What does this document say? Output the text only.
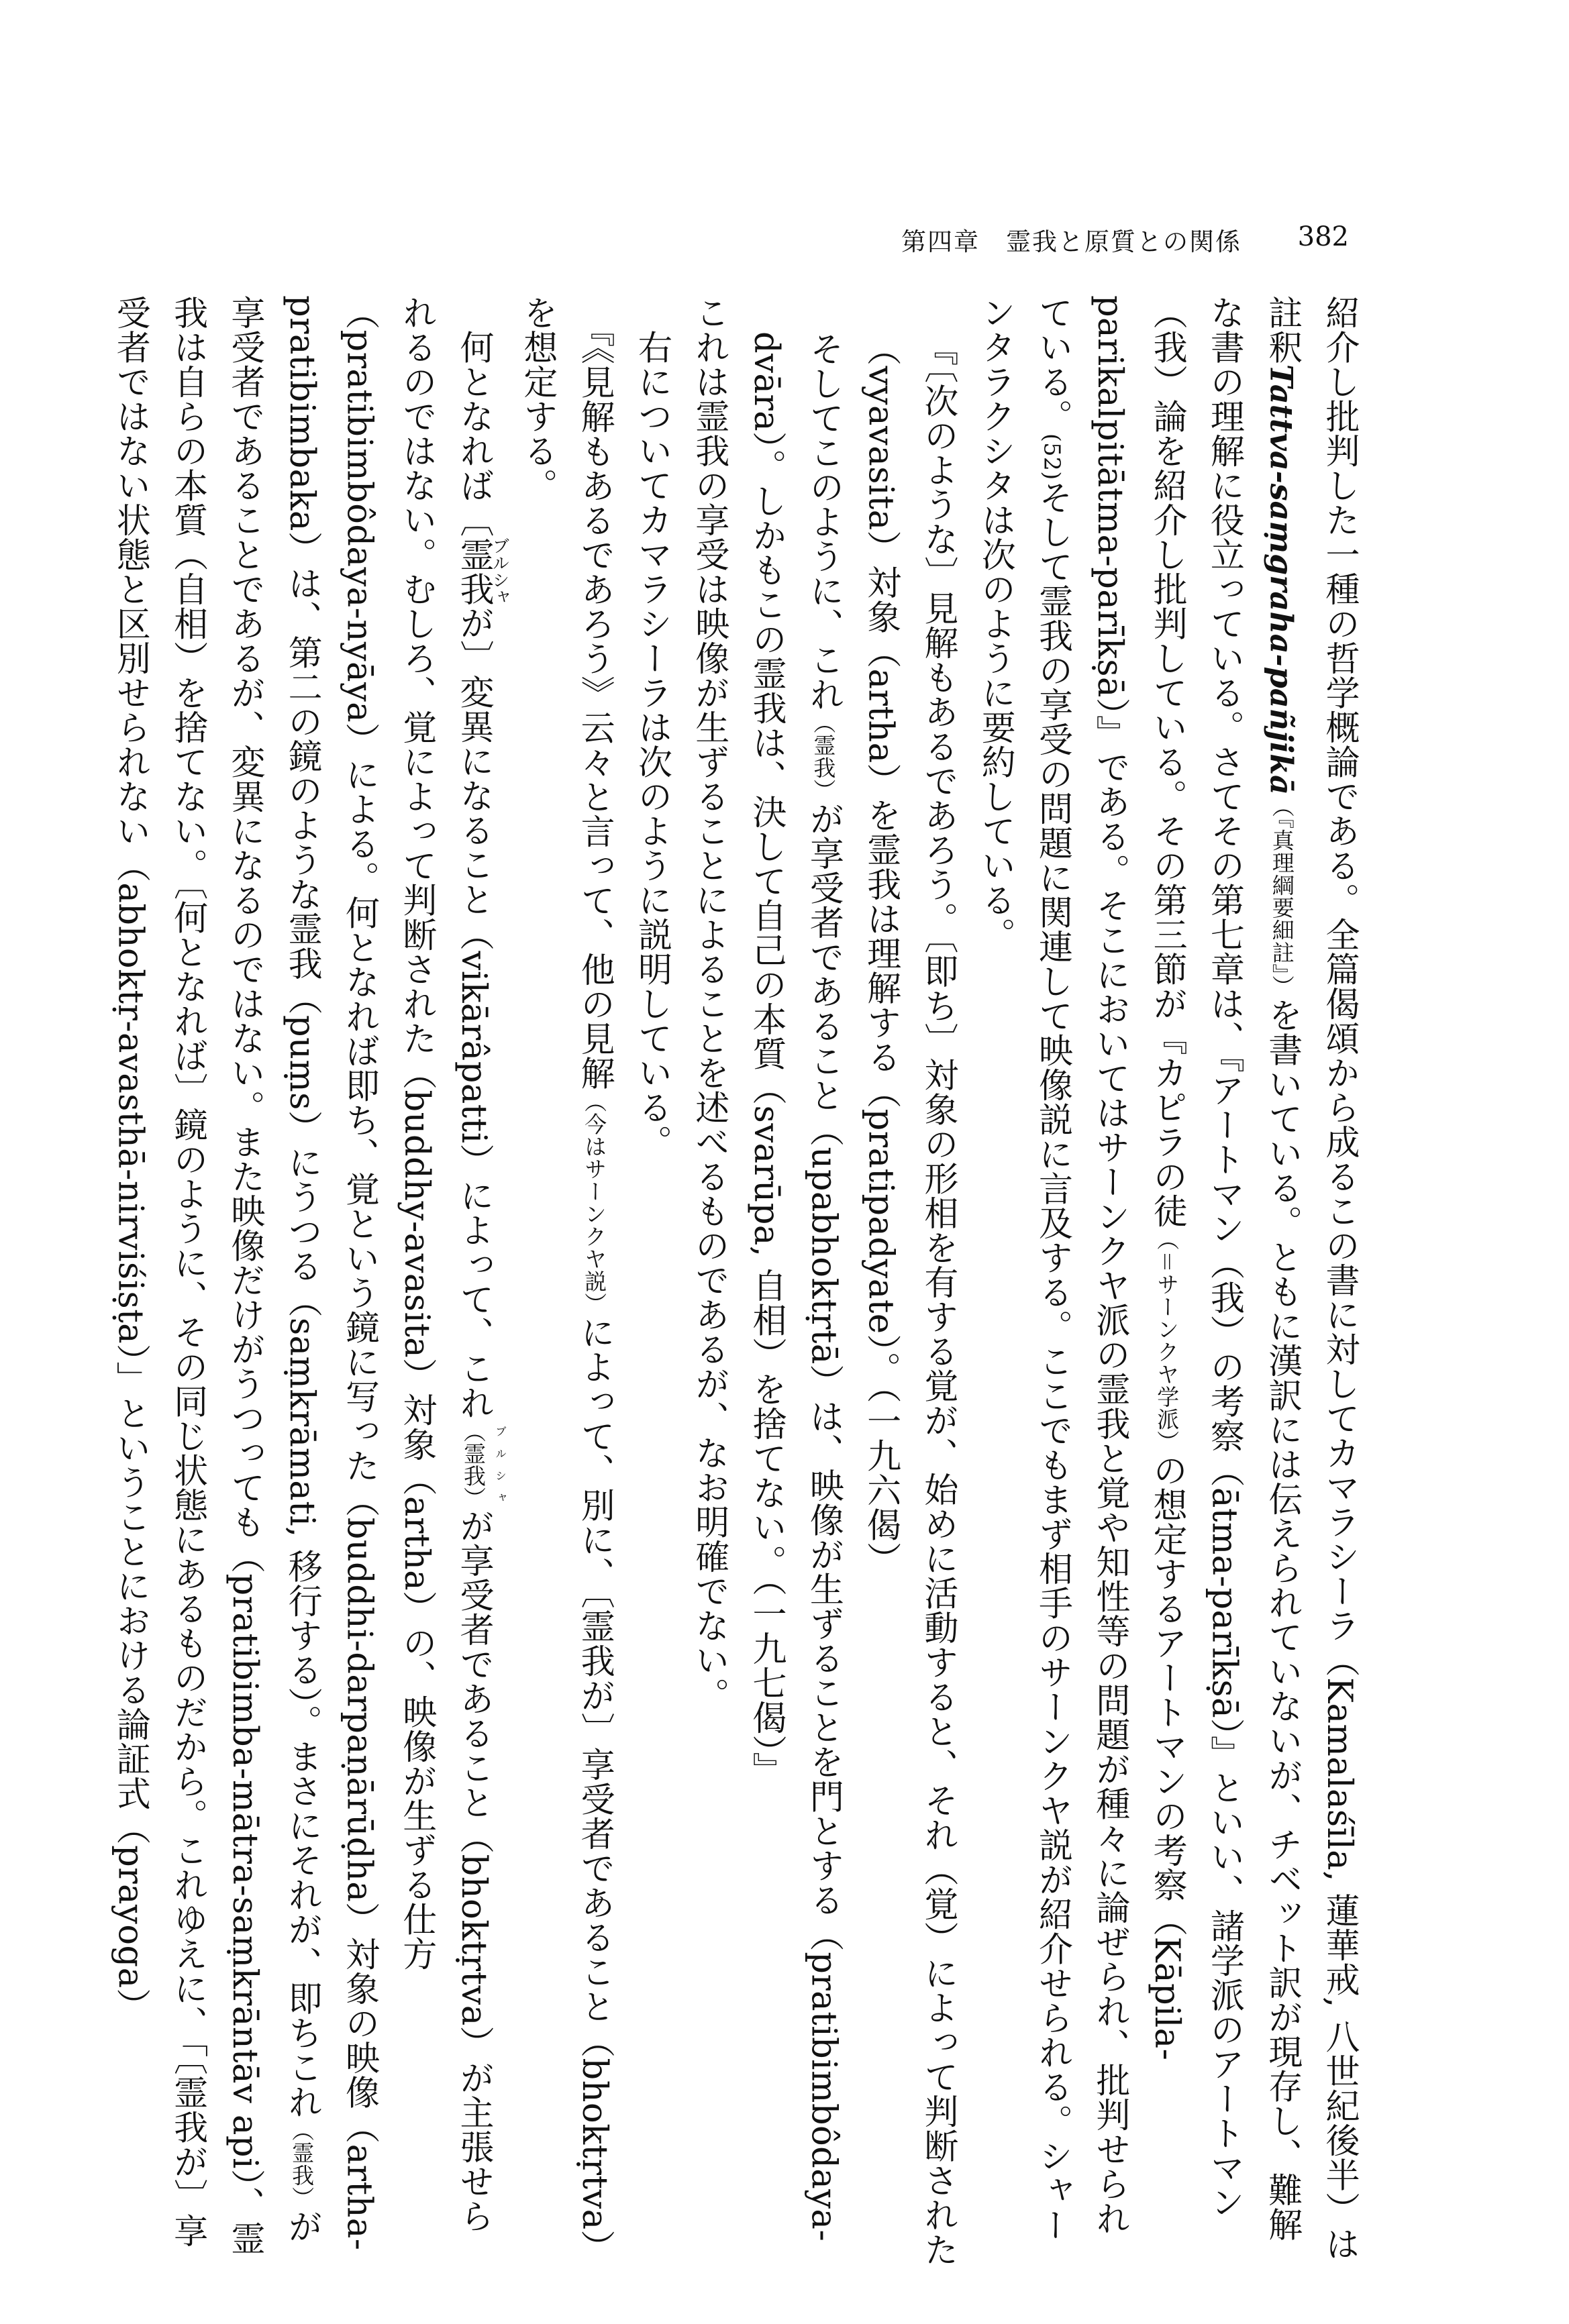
第四章　霊我と原質との関係 382

紹介し批判した一種の哲学概論である。全篇偈頌から成るこの書に対してカマラシーラ（Kamalaśīla, 蓮華戒, 八世紀後半）は註釈Tattva-saṃgraha-pañjikā（『真理綱要細註』）を書いている。ともに漢訳には伝えられていないが、チベット訳が現存し、難解な書の理解に役立っている。さてその第七章は、『アートマン（我）の考察（ātma-parīkṣā）』といい、諸学派のアートマン（我）論を紹介し批判している。その第三節が『カピラの徒（＝サーンクヤ学派）の想定するアートマンの考察（Kāpila-parikalpitātma-parīkṣā）』である。そこにおいてはサーンクヤ派の霊我と覚や知性等の問題が種々に論ぜられ、批判せられている。(52)そして霊我の享受の問題に関連して映像説に言及する。ここでもまず相手のサーンクヤ説が紹介せられる。シャーンタラクシタは次のように要約している。

『〔次のような〕見解もあるであろう。〔即ち〕対象の形相を有する覚が、始めに活動すると、それ（覚）によって判断された（vyavasita）対象（artha）を霊我は理解する（pratipadyate）。（一九六偈）
そしてこのように、これ（霊我）が享受者であること（upabhoktṛtā）は、映像が生ずることを門とする（pratibimbôdaya-dvāra）。しかもこの霊我は、決して自己の本質（svarūpa, 自相）を捨てない。（一九七偈）』

これは霊我の享受は映像が生ずることによることを述べるものであるが、なお明確でない。

　右についてカマラシーラは次のように説明している。
　『《見解もあるであろう》云々と言って、他の見解（今はサーンクヤ説）によって、別に、〔霊我が〕享受者であること（bhoktṛtva）を想定する。

　何となれば〔霊我ブルシャが〕変異になること（vikārâpatti）によって、これ（霊我） ブルシャが享受者であること（bhoktṛtva）が主張せられるのではない。むしろ、覚によって判断された（buddhy-avasita）対象（artha）の、映像が生ずる仕方（pratibimbôdaya-nyāya）による。何となれば即ち、覚という鏡に写った（buddhi-darpaṇārūḍha）対象の映像（artha-pratibimbaka）は、第二の鏡のような霊我（puṃs）にうつる（saṃkrāmati, 移行する）。まさにそれが、即ちこれ（霊我）が享受者であることであるが、変異になるのではない。また映像だけがうつっても（pratibimba-mātra-saṃkrāntāv api）、霊我は自らの本質（自相）を捨てない。〔何となれば〕鏡のように、その同じ状態にあるものだから。これゆえに、「〔霊我が〕享受者ではない状態と区別せられない（abhoktṛ-avasthā-nirviśiṣṭa）」ということにおける論証式（prayoga）
